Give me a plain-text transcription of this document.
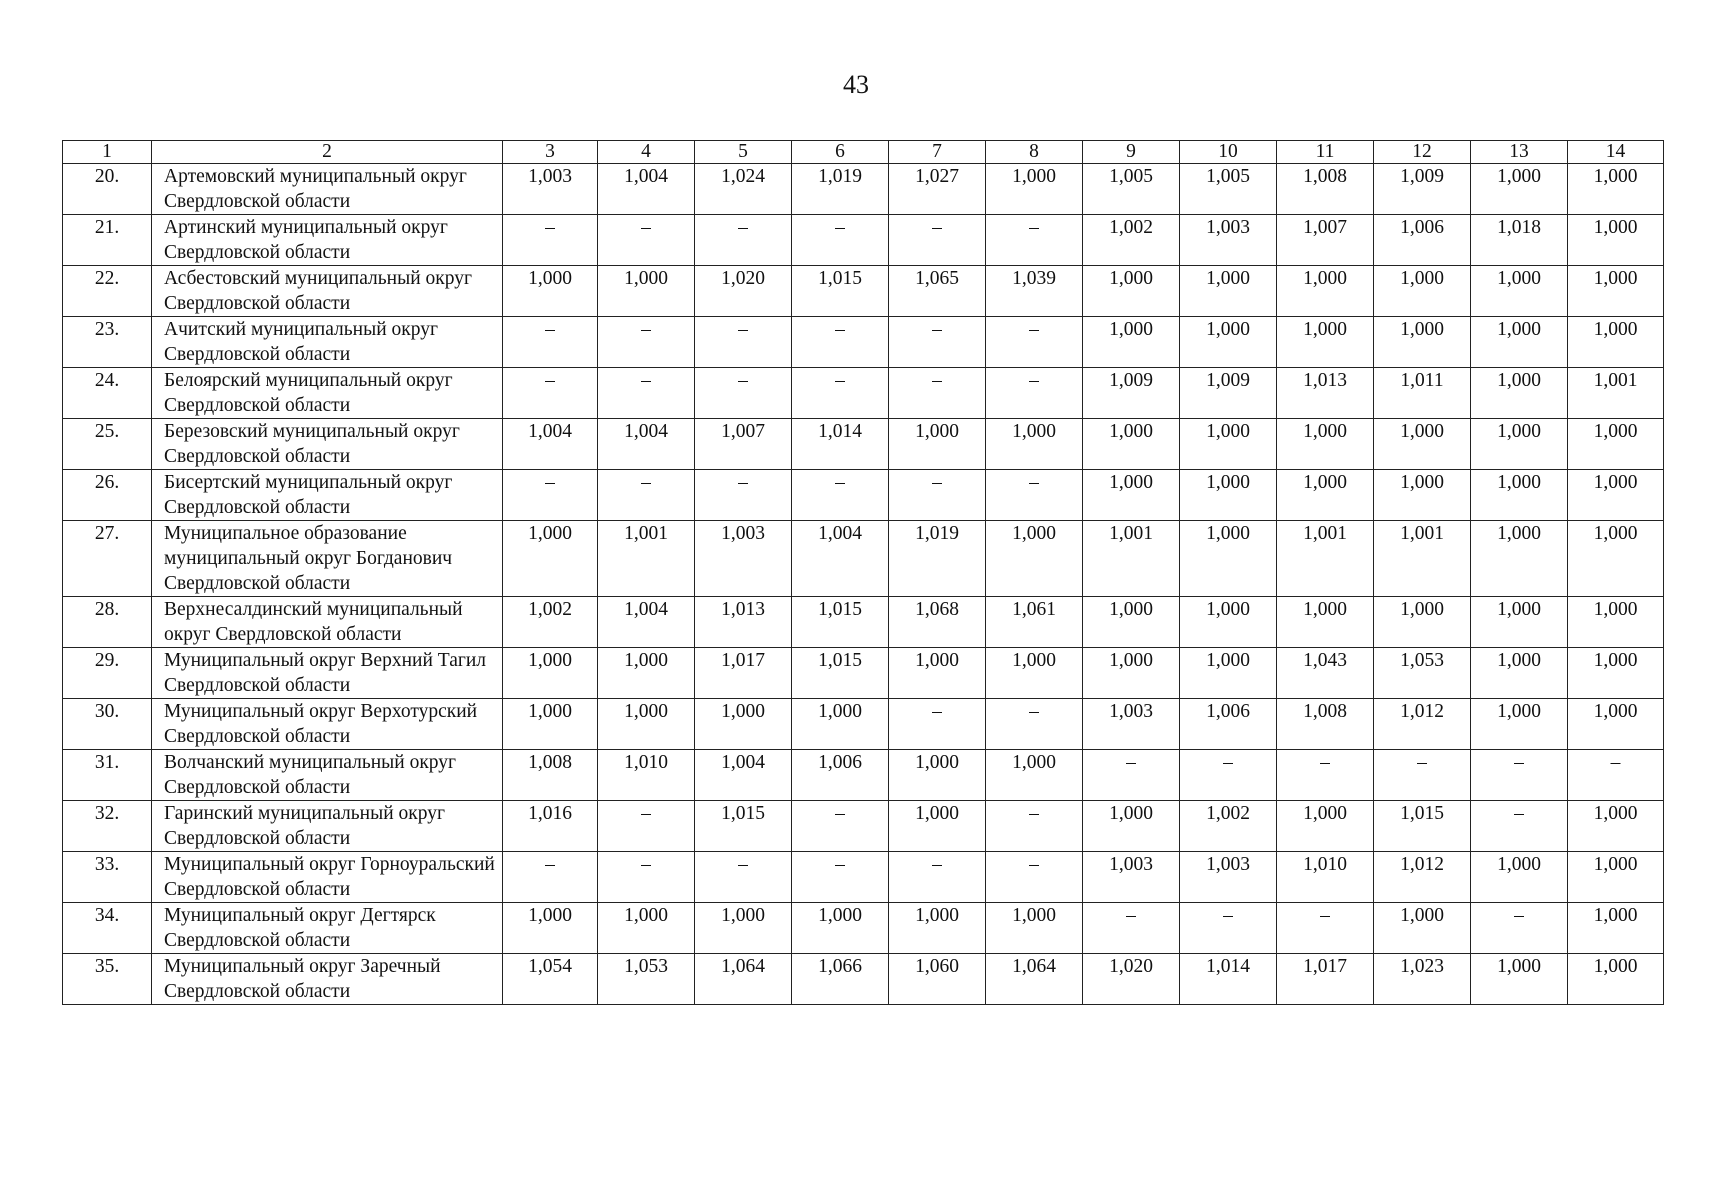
43
1	2	3	4	5	6	7	8	9	10	11	12	13	14
20.	Артемовский муниципальный округ Свердловской области	1,003	1,004	1,024	1,019	1,027	1,000	1,005	1,005	1,008	1,009	1,000	1,000
21.	Артинский муниципальный округ Свердловской области	–	–	–	–	–	–	1,002	1,003	1,007	1,006	1,018	1,000
22.	Асбестовский муниципальный округ Свердловской области	1,000	1,000	1,020	1,015	1,065	1,039	1,000	1,000	1,000	1,000	1,000	1,000
23.	Ачитский муниципальный округ Свердловской области	–	–	–	–	–	–	1,000	1,000	1,000	1,000	1,000	1,000
24.	Белоярский муниципальный округ Свердловской области	–	–	–	–	–	–	1,009	1,009	1,013	1,011	1,000	1,001
25.	Березовский муниципальный округ Свердловской области	1,004	1,004	1,007	1,014	1,000	1,000	1,000	1,000	1,000	1,000	1,000	1,000
26.	Бисертский муниципальный округ Свердловской области	–	–	–	–	–	–	1,000	1,000	1,000	1,000	1,000	1,000
27.	Муниципальное образование муниципальный округ Богданович Свердловской области	1,000	1,001	1,003	1,004	1,019	1,000	1,001	1,000	1,001	1,001	1,000	1,000
28.	Верхнесалдинский муниципальный округ Свердловской области	1,002	1,004	1,013	1,015	1,068	1,061	1,000	1,000	1,000	1,000	1,000	1,000
29.	Муниципальный округ Верхний Тагил Свердловской области	1,000	1,000	1,017	1,015	1,000	1,000	1,000	1,000	1,043	1,053	1,000	1,000
30.	Муниципальный округ Верхотурский Свердловской области	1,000	1,000	1,000	1,000	–	–	1,003	1,006	1,008	1,012	1,000	1,000
31.	Волчанский муниципальный округ Свердловской области	1,008	1,010	1,004	1,006	1,000	1,000	–	–	–	–	–	–
32.	Гаринский муниципальный округ Свердловской области	1,016	–	1,015	–	1,000	–	1,000	1,002	1,000	1,015	–	1,000
33.	Муниципальный округ Горноуральский Свердловской области	–	–	–	–	–	–	1,003	1,003	1,010	1,012	1,000	1,000
34.	Муниципальный округ Дегтярск Свердловской области	1,000	1,000	1,000	1,000	1,000	1,000	–	–	–	1,000	–	1,000
35.	Муниципальный округ Заречный Свердловской области	1,054	1,053	1,064	1,066	1,060	1,064	1,020	1,014	1,017	1,023	1,000	1,000
